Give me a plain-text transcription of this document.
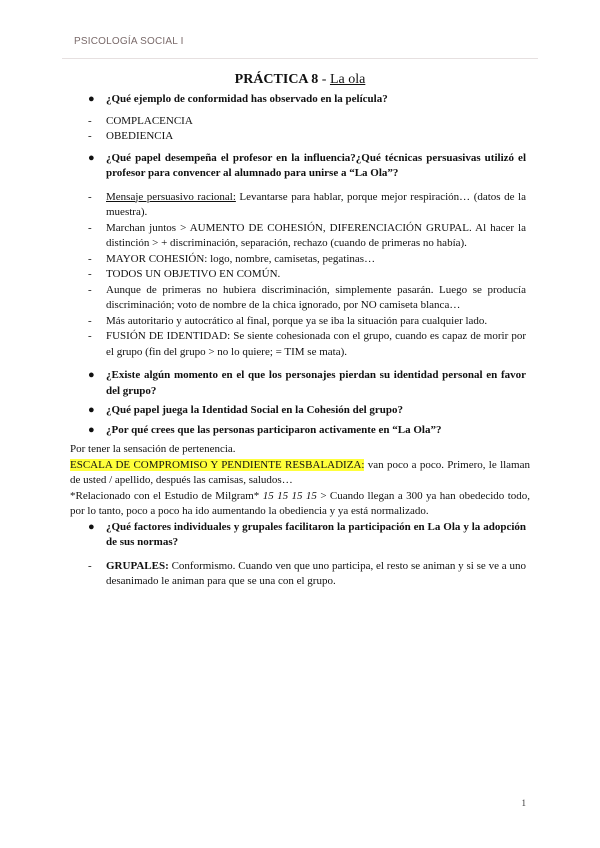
PSICOLOGÍA SOCIAL I
PRÁCTICA 8 - La ola

● ¿Qué ejemplo de conformidad has observado en la película?

- COMPLACENCIA

- OBEDIENCIA

● ¿Qué papel desempeña el profesor en la influencia?¿Qué técnicas persuasivas utilizó el profesor para convencer al alumnado para unirse a “La Ola”?

- Mensaje persuasivo racional: Levantarse para hablar, porque mejor respiración… (datos de la muestra).

- Marchan juntos > AUMENTO DE COHESIÓN, DIFERENCIACIÓN GRUPAL. Al hacer la distinción > + discriminación, separación, rechazo (cuando de primeras no había).

- MAYOR COHESIÓN: logo, nombre, camisetas, pegatinas…

- TODOS UN OBJETIVO EN COMÚN.

- Aunque de primeras no hubiera discriminación, simplemente pasarán. Luego se producía discriminación; voto de nombre de la chica ignorado, por NO camiseta blanca…

- Más autoritario y autocrático al final, porque ya se iba la situación para cualquier lado.

- FUSIÓN DE IDENTIDAD: Se siente cohesionada con el grupo, cuando es capaz de morir por el grupo (fin del grupo > no lo quiere; = TIM se mata).

● ¿Existe algún momento en el que los personajes pierdan su identidad personal en favor del grupo?

● ¿Qué papel juega la Identidad Social en la Cohesión del grupo?

● ¿Por qué crees que las personas participaron activamente en “La Ola”?

Por tener la sensación de pertenencia.

ESCALA DE COMPROMISO Y PENDIENTE RESBALADIZA: van poco a poco. Primero, le llaman de usted / apellido, después las camisas, saludos…

*Relacionado con el Estudio de Milgram* 15 15 15 15 > Cuando llegan a 300 ya han obedecido todo, por lo tanto, poco a poco ha ido aumentando la obediencia y ya está normalizado.

● ¿Qué factores individuales y grupales facilitaron la participación en La Ola y la adopción de sus normas?

- GRUPALES: Conformismo. Cuando ven que uno participa, el resto se animan y si se ve a uno desanimado le animan para que se una con el grupo.

1
